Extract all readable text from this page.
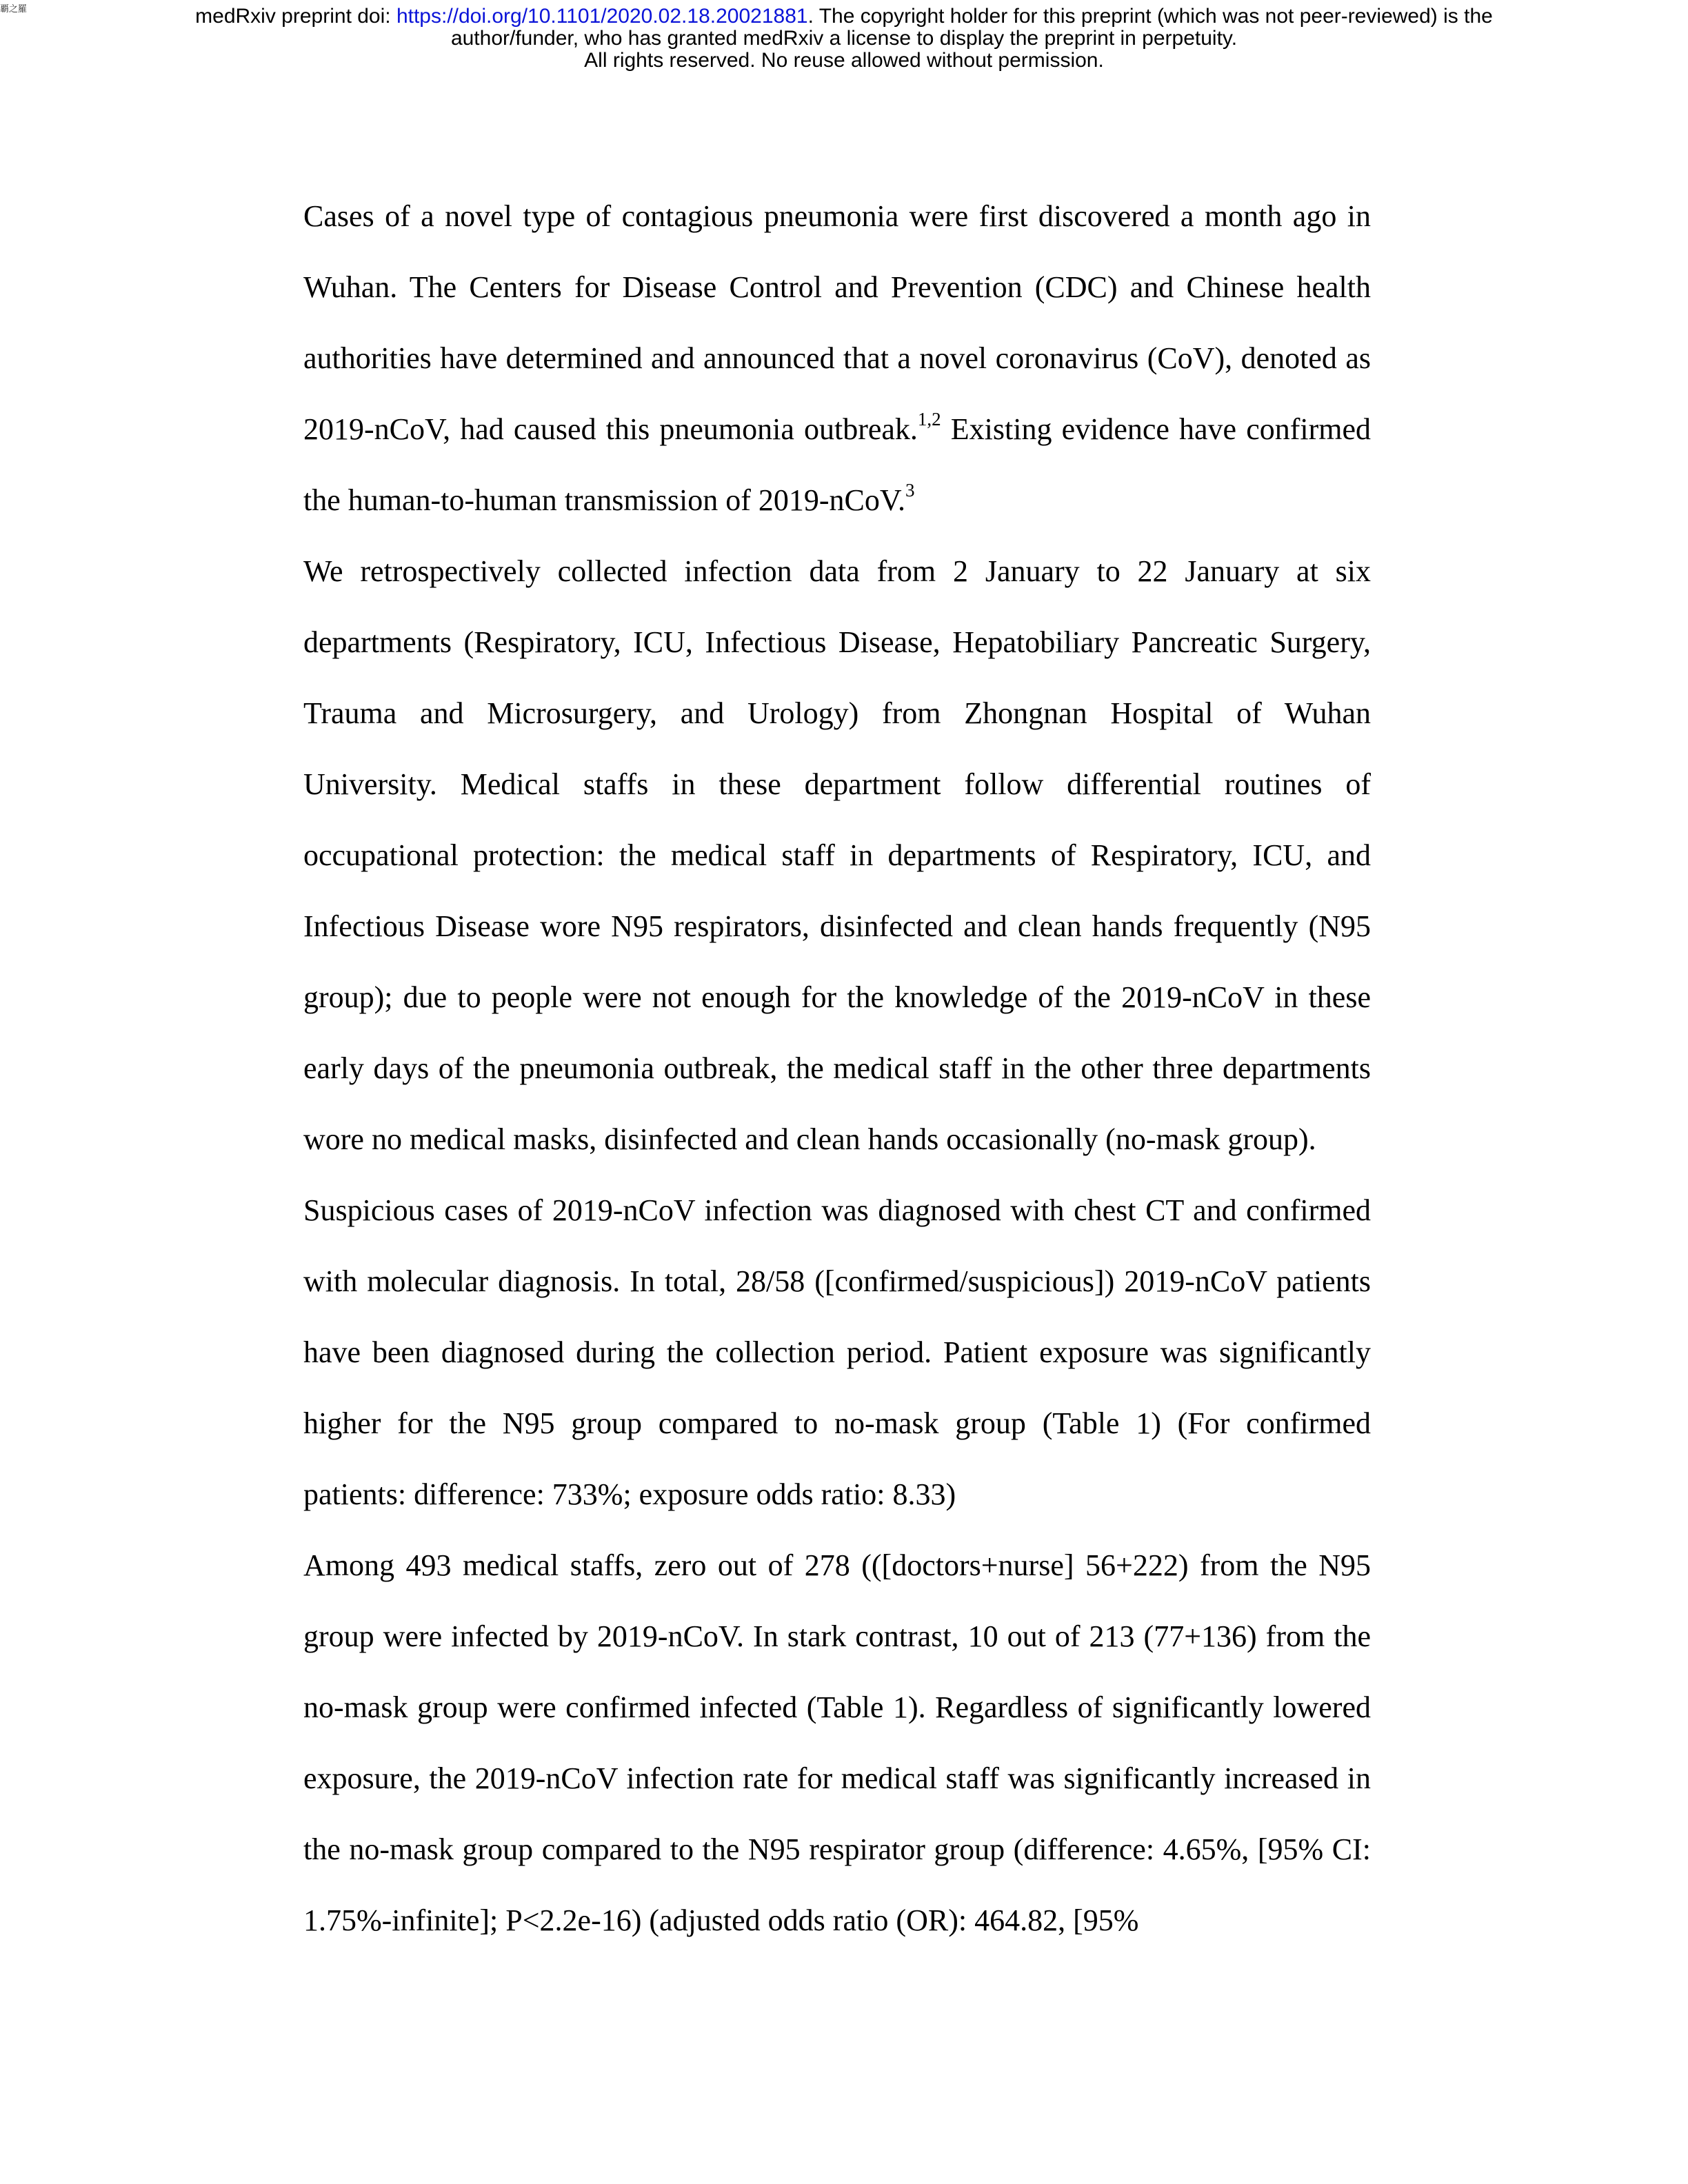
覇之羅	medRxiv preprint doi: https://doi.org/10.1101/2020.02.18.20021881. The copyright holder for this preprint (which was not peer-reviewed) is the
author/funder, who has granted medRxiv a license to display the preprint in perpetuity.
All rights reserved. No reuse allowed without permission.

Cases of a novel type of contagious pneumonia were first discovered a month ago in Wuhan. The Centers for Disease Control and Prevention (CDC) and Chinese health authorities have determined and announced that a novel coronavirus (CoV), denoted as 2019-nCoV, had caused this pneumonia outbreak.$^{1,2}$ Existing evidence have confirmed the human-to-human transmission of 2019-nCoV.$^3$

We retrospectively collected infection data from 2 January to 22 January at six departments (Respiratory, ICU, Infectious Disease, Hepatobiliary Pancreatic Surgery, Trauma and Microsurgery, and Urology) from Zhongnan Hospital of Wuhan University. Medical staffs in these department follow differential routines of occupational protection: the medical staff in departments of Respiratory, ICU, and Infectious Disease wore N95 respirators, disinfected and clean hands frequently (N95 group); due to people were not enough for the knowledge of the 2019-nCoV in these early days of the pneumonia outbreak, the medical staff in the other three departments wore no medical masks, disinfected and clean hands occasionally (no-mask group).

Suspicious cases of 2019-nCoV infection was diagnosed with chest CT and confirmed with molecular diagnosis. In total, 28/58 ([confirmed/suspicious]) 2019-nCoV patients have been diagnosed during the collection period. Patient exposure was significantly higher for the N95 group compared to no-mask group (Table 1) (For confirmed patients: difference: 733%; exposure odds ratio: 8.33)

Among 493 medical staffs, zero out of 278 (([doctors+nurse] 56+222) from the N95 group were infected by 2019-nCoV. In stark contrast, 10 out of 213 (77+136) from the no-mask group were confirmed infected (Table 1). Regardless of significantly lowered exposure, the 2019-nCoV infection rate for medical staff was significantly increased in the no-mask group compared to the N95 respirator group (difference: 4.65%, [95% CI: 1.75%-infinite]; P<2.2e-16) (adjusted odds ratio (OR): 464.82, [95%
